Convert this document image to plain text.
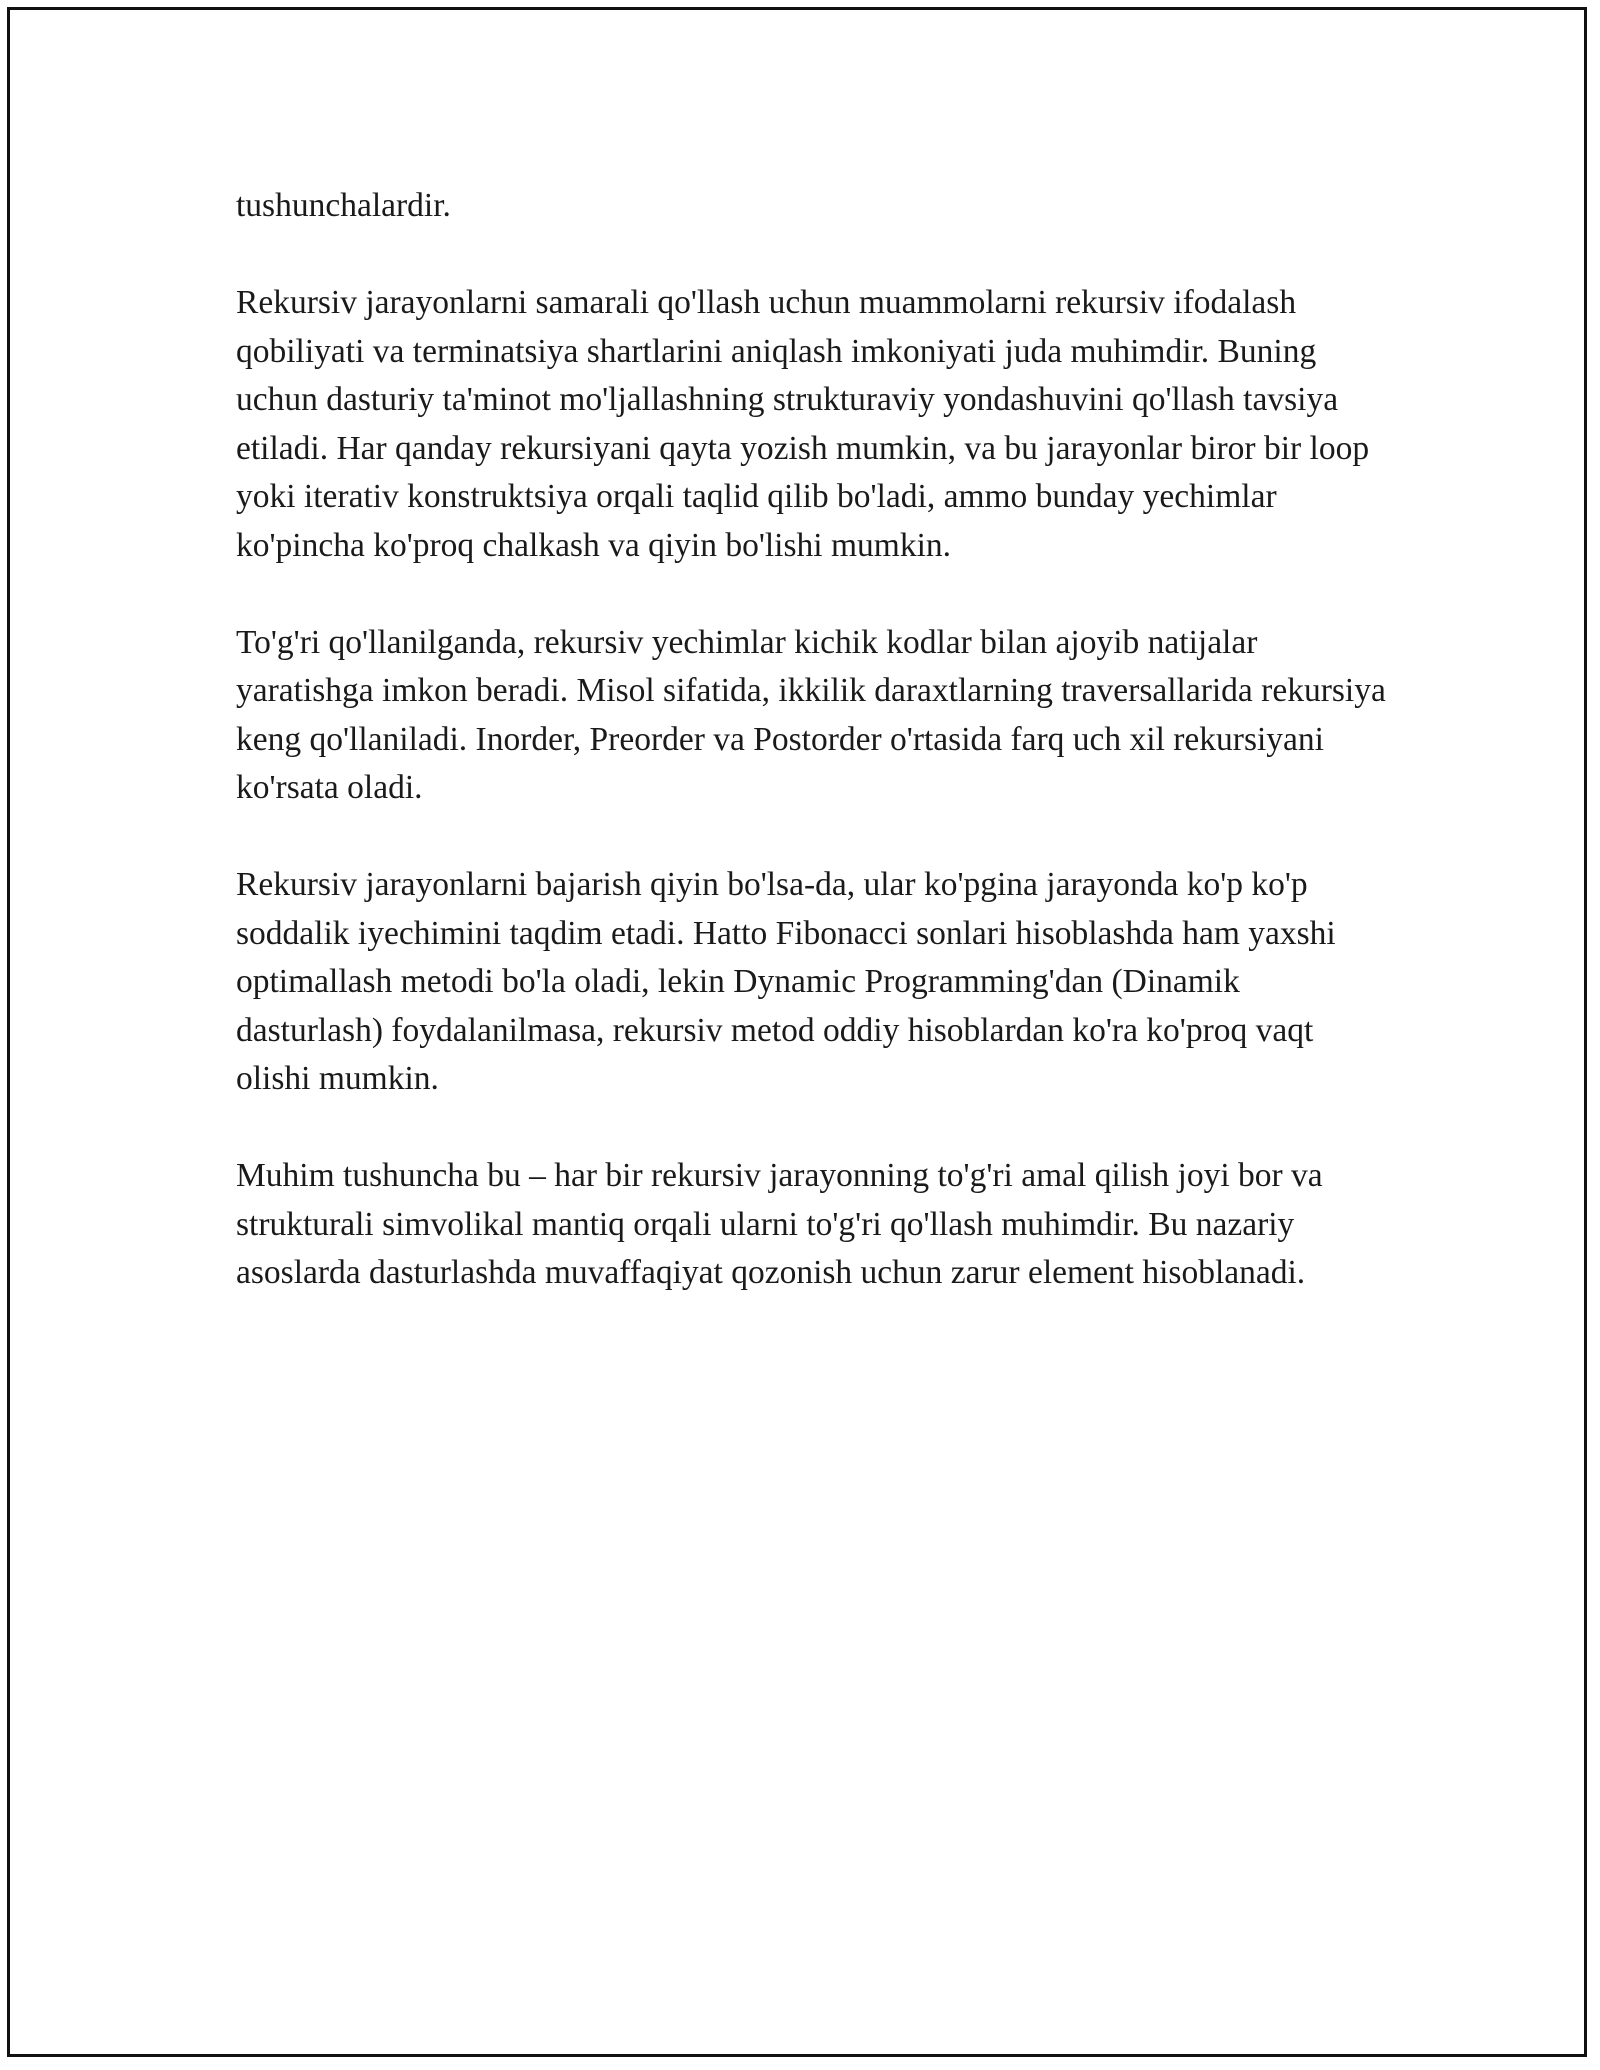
tushunchalardir.

Rekursiv jarayonlarni samarali qo'llash uchun muammolarni rekursiv ifodalash qobiliyati va terminatsiya shartlarini aniqlash imkoniyati juda muhimdir. Buning uchun dasturiy ta'minot mo'ljallashning strukturaviy yondashuvini qo'llash tavsiya etiladi. Har qanday rekursiyani qayta yozish mumkin, va bu jarayonlar biror bir loop yoki iterativ konstruktsiya orqali taqlid qilib bo'ladi, ammo bunday yechimlar ko'pincha ko'proq chalkash va qiyin bo'lishi mumkin.

To'g'ri qo'llanilganda, rekursiv yechimlar kichik kodlar bilan ajoyib natijalar yaratishga imkon beradi. Misol sifatida, ikkilik daraxtlarning traversallarida rekursiya keng qo'llaniladi. Inorder, Preorder va Postorder o'rtasida farq uch xil rekursiyani ko'rsata oladi.

Rekursiv jarayonlarni bajarish qiyin bo'lsa-da, ular ko'pgina jarayonda ko'p ko'p soddalik iyechimini taqdim etadi. Hatto Fibonacci sonlari hisoblashda ham yaxshi optimallash metodi bo'la oladi, lekin Dynamic Programming'dan (Dinamik dasturlash) foydalanilmasa, rekursiv metod oddiy hisoblardan ko'ra ko'proq vaqt olishi mumkin.

Muhim tushuncha bu – har bir rekursiv jarayonning to'g'ri amal qilish joyi bor va strukturali simvolikal mantiq orqali ularni to'g'ri qo'llash muhimdir. Bu nazariy asoslarda dasturlashda muvaffaqiyat qozonish uchun zarur element hisoblanadi.
